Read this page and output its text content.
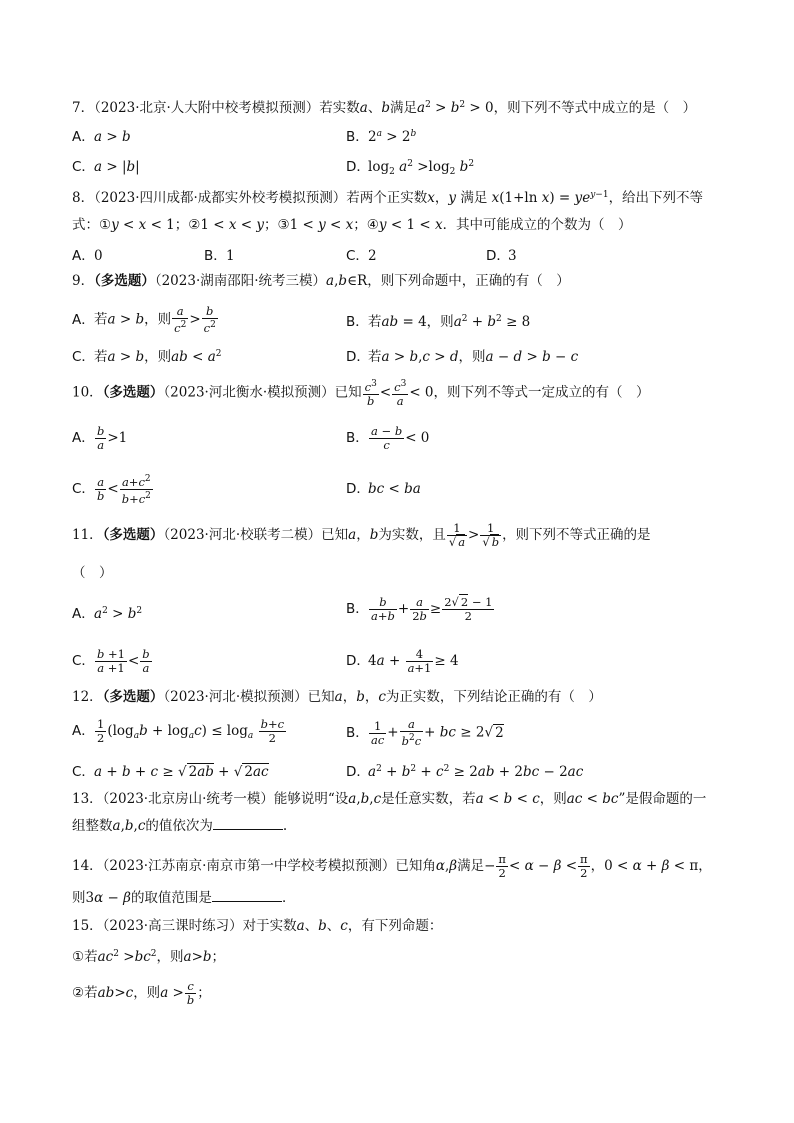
7．（2023·北京·人大附中校考模拟预测）若实数a、b满足$a^2 > b^2 > 0$，则下列不等式中成立的是（　）
A．a > b	B．$2^a > 2^b$
C．a > |b|	D．$\log_2 a^2 >\log_2$ $b^2$
8．（2023·四川成都·成都实外校考模拟预测）若两个正实数x，y 满足 x(1+ln $x) = ye^{y-1}$，给出下列不等
式：①y < x < 1；②1 < x < y；③1 < y < x；④y < 1 < x．其中可能成立的个数为（　）
A．0	B．1	C．2	D．3
9．（多选题）（2023·湖南邵阳·统考三模）a,b∈R，则下列命题中，正确的有（　）
A．若a > b，则 $\frac{a}{c^2} > \frac{b}{c^2}$	B．若ab = 4，则$a^2 + b^2 \ge 8$
C．若a > b，则ab < $a^2$	D．若a > b,c > d，则a − d > b − c
10．（多选题）（2023·河北衡水·模拟预测）已知 $\frac{c^3}{b} < \frac{c^3}{a} < 0$，则下列不等式一定成立的有（　）
A． $\frac{b}{a} >1$	B． $\frac{a - b}{c} < 0$
C． $\frac{a}{b} < \frac{a+c^2}{b+c^2}$	D．bc < ba
11．（多选题）（2023·河北·校联考二模）已知a，b为实数，且 $\frac{1}{√ a} > \frac{1}{√ b}$ ，则下列不等式正确的是
（　）
A．$a^2 > b^2$	B． $\frac{b}{a+b} + \frac{a}{2b} \ge \frac{2√ 2 - 1}{2}$
C． $\frac{b +1}{a +1} < \frac{b}{a}$	D．$4a + \frac{4}{a+1} \ge 4$
12．（多选题）（2023·河北·模拟预测）已知a，b，c为正实数，下列结论正确的有（　）
A． $\frac{1}{2} (\log_ab + \log_ac) \le \log_a \frac{b+c}{2}$	B． $\frac{1}{ac} + \frac{a}{b^2c}$ + bc ≥ 2√ 2
C．a + b + c ≥ √ 2ab + √ 2ac	D．$a^2 + b^2 + c^2 \ge 2ab + 2bc - 2ac$
13．（2023·北京房山·统考一模）能够说明“设a,b,c是任意实数，若a < b < c，则ac < bc”是假命题的一
组整数a,b,c的值依次为	.
14．（2023·江苏南京·南京市第一中学校考模拟预测）已知角α,β满足− $\frac{\pi}{2} < \alpha - \beta < \frac{\pi}{2}$ ，0 < α + β < π，
则3α − β的取值范围是	．
15．（2023·高三课时练习）对于实数a、b、c，有下列命题：
①若$ac^2 >bc^2$，则a>b；
②若ab>c，则$a > \frac{c}{b}$ ；
